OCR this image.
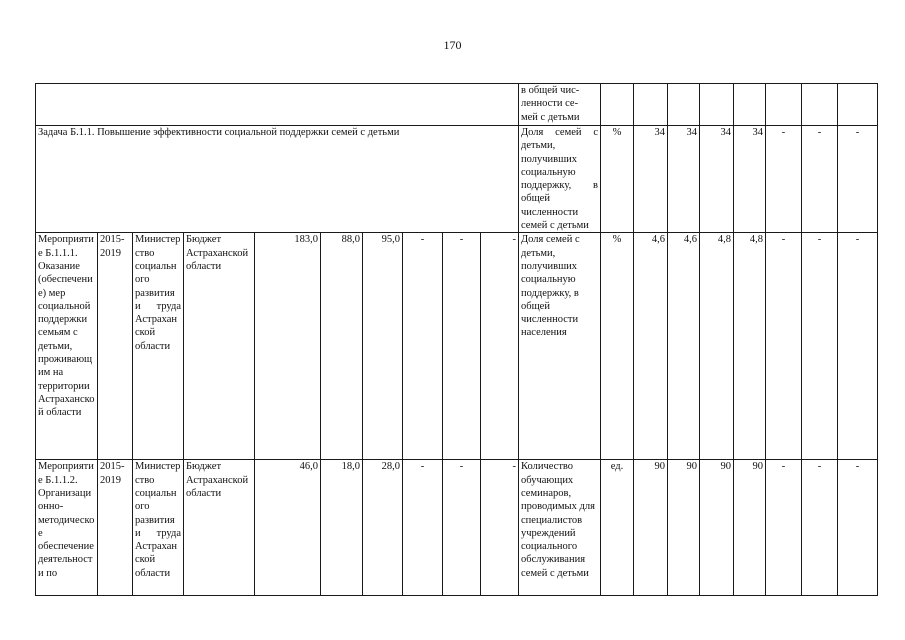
170
										в общей чис-
ленности се-
мей с детьми								
Задача Б.1.1. Повышение эффективности социальной поддержки семей с детьми										Доля семей с детьми, получивших социальную поддержку, в общей численности семей с детьми	%	34	34	34	34	-	-	-
Мероприятие Б.1.1.1. Оказание (обеспечение) мер социальной поддержки семьям с детьми, проживающим на территории Астраханской области	2015-2019	Министерство социального развития и труда Астраханской области	Бюджет Астраханской области	183,0	88,0	95,0	-	-	-	Доля семей с детьми, получивших социальную поддержку, в общей численности населения	%	4,6	4,6	4,8	4,8	-	-	-
Мероприятие Б.1.1.2. Организационно-методическое обеспечение деятельности по	2015-2019	Министерство социального развития и труда Астраханской области	Бюджет Астраханской области	46,0	18,0	28,0	-	-	-	Количество обучающих семинаров, проводимых для специалистов учреждений социального обслуживания семей с детьми	ед.	90	90	90	90	-	-	-
